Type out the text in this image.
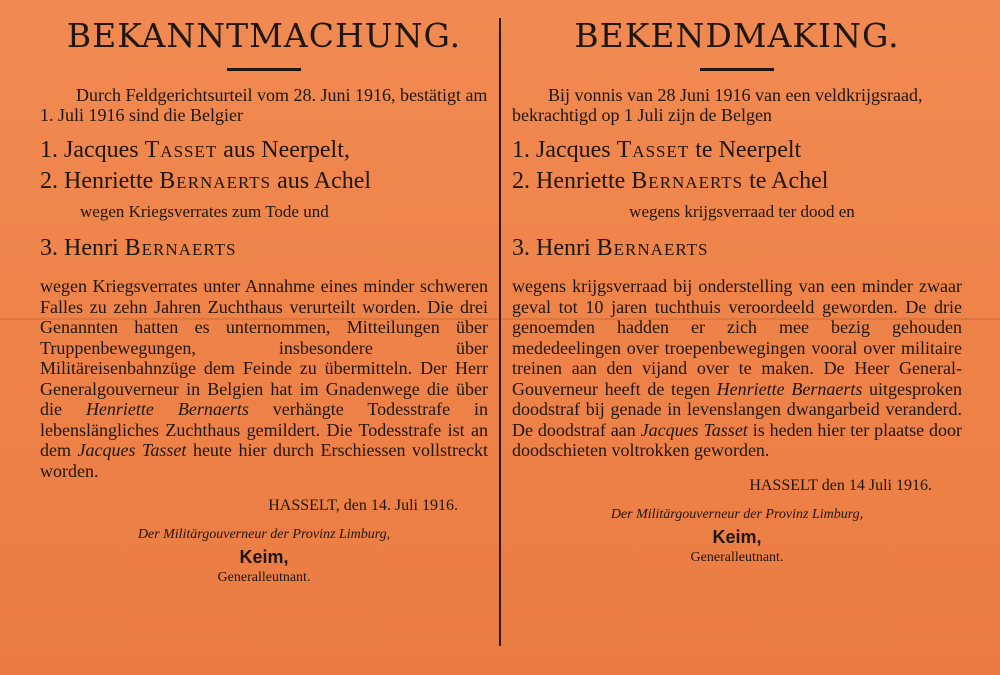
BEKANNTMACHUNG.

Durch Feldgerichtsurteil vom 28. Juni 1916, bestätigt am 1. Juli 1916 sind die Belgier

1. Jacques Tasset aus Neerpelt,

2. Henriette Bernaerts aus Achel

wegen Kriegsverrates zum Tode und

3. Henri Bernaerts

wegen Kriegsverrates unter Annahme eines minder schweren Falles zu zehn Jahren Zuchthaus verurteilt worden. Die drei Genannten hatten es unternommen, Mitteilungen über Truppenbewegungen, insbesondere über Militäreisenbahnzüge dem Feinde zu übermitteln. Der Herr Generalgouverneur in Belgien hat im Gnadenwege die über die Henriette Bernaerts verhängte Todesstrafe in lebenslängliches Zuchthaus gemildert. Die Todesstrafe ist an dem Jacques Tasset heute hier durch Erschiessen vollstreckt worden.

HASSELT, den 14. Juli 1916.

Der Militärgouverneur der Provinz Limburg,

Keim,

Generalleutnant.

BEKENDMAKING.

Bij vonnis van 28 Juni 1916 van een veldkrijgsraad, bekrachtigd op 1 Juli zijn de Belgen

1. Jacques Tasset te Neerpelt

2. Henriette Bernaerts te Achel

wegens krijgsverraad ter dood en

3. Henri Bernaerts

wegens krijgsverraad bij onderstelling van een minder zwaar geval tot 10 jaren tuchthuis veroordeeld geworden. De drie genoemden hadden er zich mee bezig gehouden mededeelingen over troepenbewegingen vooral over militaire treinen aan den vijand over te maken. De Heer General-Gouverneur heeft de tegen Henriette Bernaerts uitgesproken doodstraf bij genade in levenslangen dwangarbeid veranderd. De doodstraf aan Jacques Tasset is heden hier ter plaatse door doodschieten voltrokken geworden.

HASSELT den 14 Juli 1916.

Der Militärgouverneur der Provinz Limburg,

Keim,

Generalleutnant.
